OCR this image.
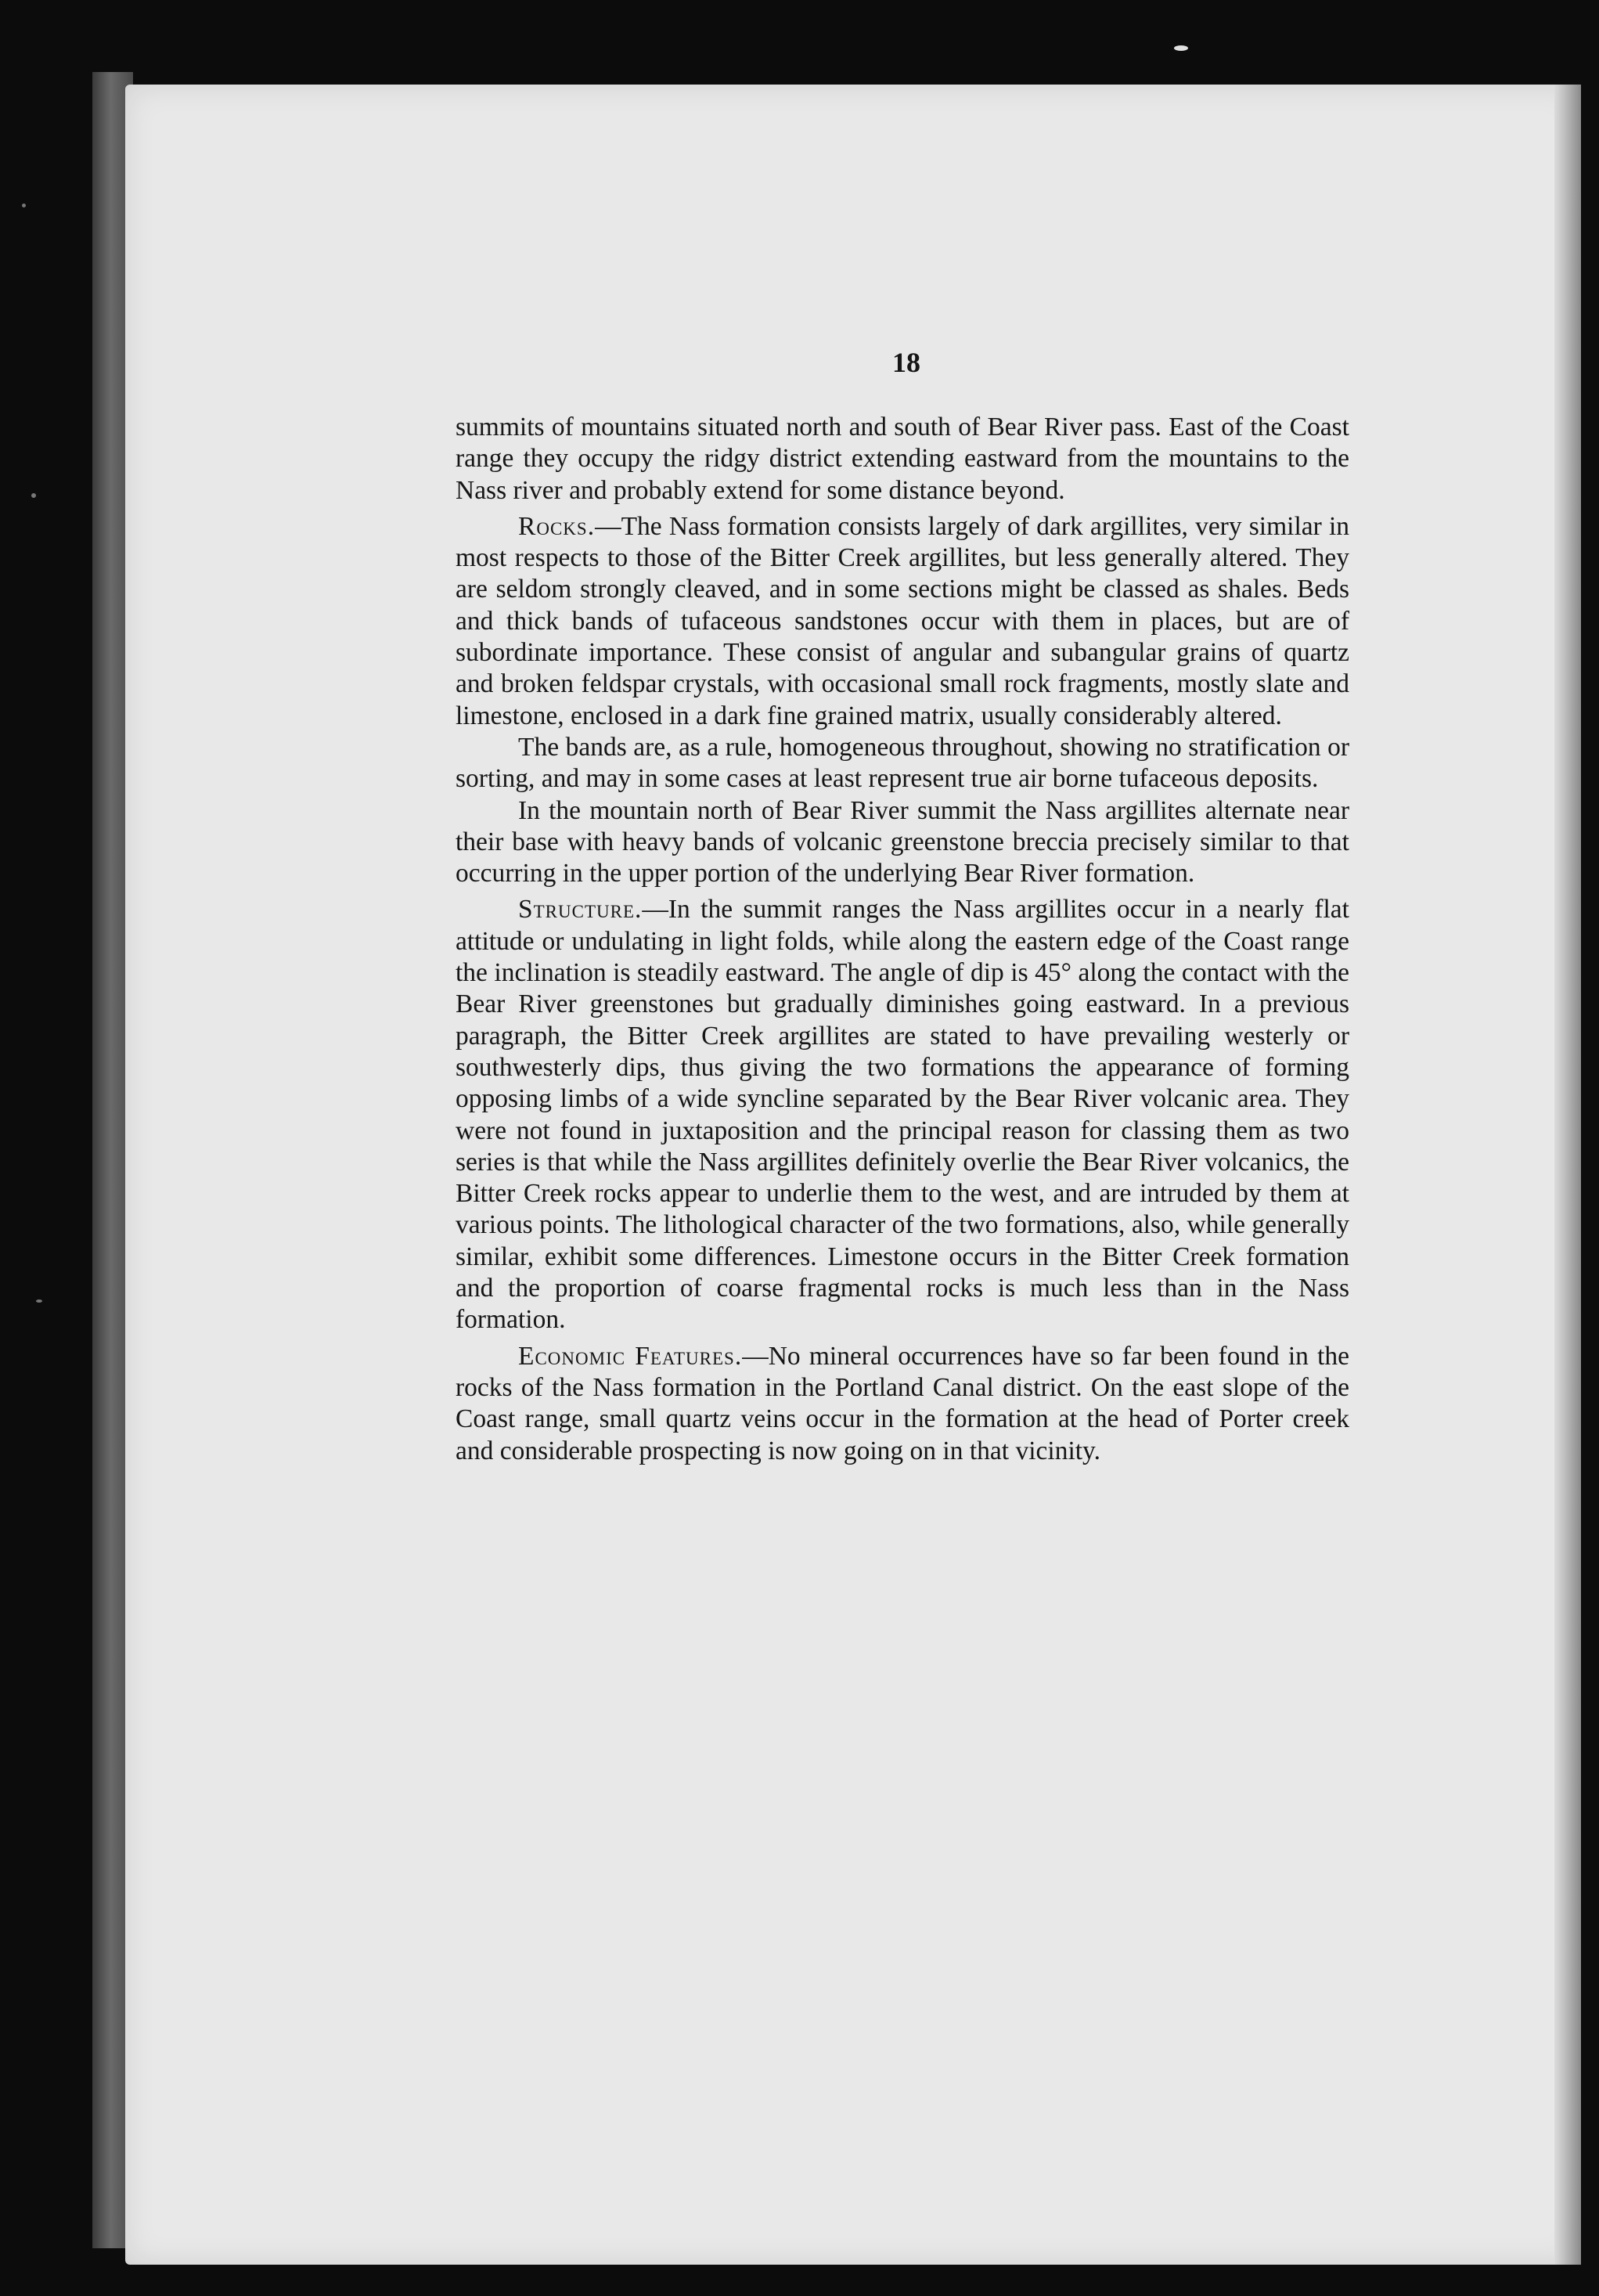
18

summits of mountains situated north and south of Bear River pass. East of the Coast range they occupy the ridgy district extending eastward from the mountains to the Nass river and probably extend for some distance beyond.

Rocks.—The Nass formation consists largely of dark argillites, very similar in most respects to those of the Bitter Creek argillites, but less generally altered. They are seldom strongly cleaved, and in some sections might be classed as shales. Beds and thick bands of tufaceous sandstones occur with them in places, but are of subordinate importance. These consist of angular and subangular grains of quartz and broken feldspar crystals, with occasional small rock fragments, mostly slate and limestone, enclosed in a dark fine grained matrix, usually considerably altered.

The bands are, as a rule, homogeneous throughout, showing no stratification or sorting, and may in some cases at least represent true air borne tufaceous deposits.

In the mountain north of Bear River summit the Nass argillites alternate near their base with heavy bands of volcanic greenstone breccia precisely similar to that occurring in the upper portion of the underlying Bear River formation.

Structure.—In the summit ranges the Nass argillites occur in a nearly flat attitude or undulating in light folds, while along the eastern edge of the Coast range the inclination is steadily eastward. The angle of dip is 45° along the contact with the Bear River greenstones but gradually diminishes going eastward. In a previous paragraph, the Bitter Creek argillites are stated to have prevailing westerly or southwesterly dips, thus giving the two formations the appearance of forming opposing limbs of a wide syncline separated by the Bear River volcanic area. They were not found in juxtaposition and the principal reason for classing them as two series is that while the Nass argillites definitely overlie the Bear River volcanics, the Bitter Creek rocks appear to underlie them to the west, and are intruded by them at various points. The lithological character of the two formations, also, while generally similar, exhibit some differences. Limestone occurs in the Bitter Creek formation and the proportion of coarse fragmental rocks is much less than in the Nass formation.

Economic Features.—No mineral occurrences have so far been found in the rocks of the Nass formation in the Portland Canal district. On the east slope of the Coast range, small quartz veins occur in the formation at the head of Porter creek and considerable prospecting is now going on in that vicinity.
